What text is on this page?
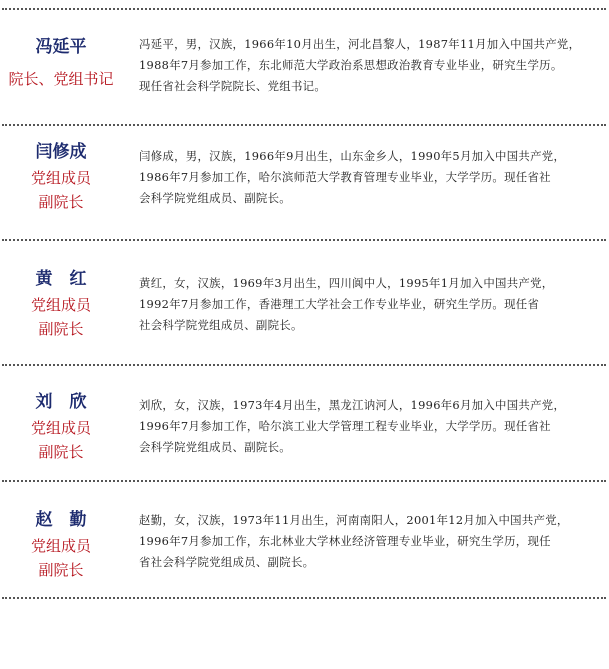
冯延平
院长、党组书记
冯延平，男，汉族，1966年10月出生，河北昌黎人，1987年11月加入中国共产党，
1988年7月参加工作，东北师范大学政治系思想政治教育专业毕业，研究生学历。
现任省社会科学院院长、党组书记。
闫修成
党组成员
副院长
闫修成，男，汉族，1966年9月出生，山东金乡人，1990年5月加入中国共产党，
1986年7月参加工作，哈尔滨师范大学教育管理专业毕业，大学学历。现任省社
会科学院党组成员、副院长。
黄　红
党组成员
副院长
黄红，女，汉族，1969年3月出生，四川阆中人，1995年1月加入中国共产党，
1992年7月参加工作，香港理工大学社会工作专业毕业，研究生学历。现任省
社会科学院党组成员、副院长。
刘　欣
党组成员
副院长
刘欣，女，汉族，1973年4月出生，黑龙江讷河人，1996年6月加入中国共产党，
1996年7月参加工作，哈尔滨工业大学管理工程专业毕业，大学学历。现任省社
会科学院党组成员、副院长。
赵　勤
党组成员
副院长
赵勤，女，汉族，1973年11月出生，河南南阳人，2001年12月加入中国共产党，
1996年7月参加工作，东北林业大学林业经济管理专业毕业，研究生学历，现任
省社会科学院党组成员、副院长。
